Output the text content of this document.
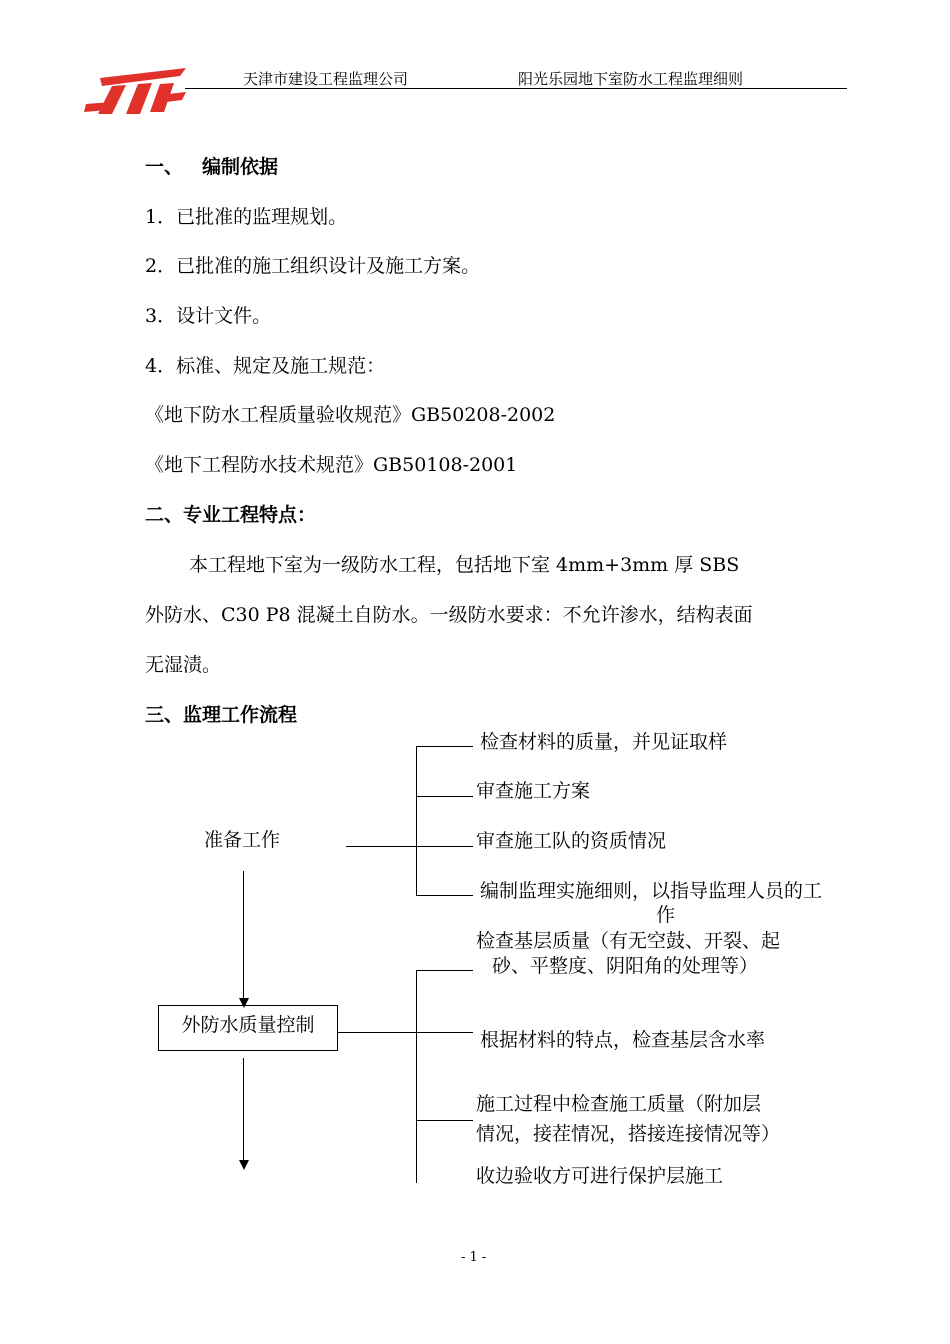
天津市建设工程监理公司	阳光乐园地下室防水工程监理细则
一、 编制依据
1．已批准的监理规划。
2．已批准的施工组织设计及施工方案。
3．设计文件。
4．标准、规定及施工规范：
《地下防水工程质量验收规范》GB50208-2002
《地下工程防水技术规范》GB50108-2001
二、专业工程特点：
本工程地下室为一级防水工程，包括地下室 4mm+3mm 厚 SBS
外防水、C30 P8 混凝土自防水。一级防水要求：不允许渗水，结构表面
无湿渍。
三、监理工作流程
准备工作
检查材料的质量，并见证取样
审查施工方案
审查施工队的资质情况
编制监理实施细则，以指导监理人员的工
作
外防水质量控制
检查基层质量（有无空鼓、开裂、起
砂、平整度、阴阳角的处理等）
根据材料的特点，检查基层含水率
施工过程中检查施工质量（附加层
情况，接茬情况，搭接连接情况等）
收边验收方可进行保护层施工
- 1 -
